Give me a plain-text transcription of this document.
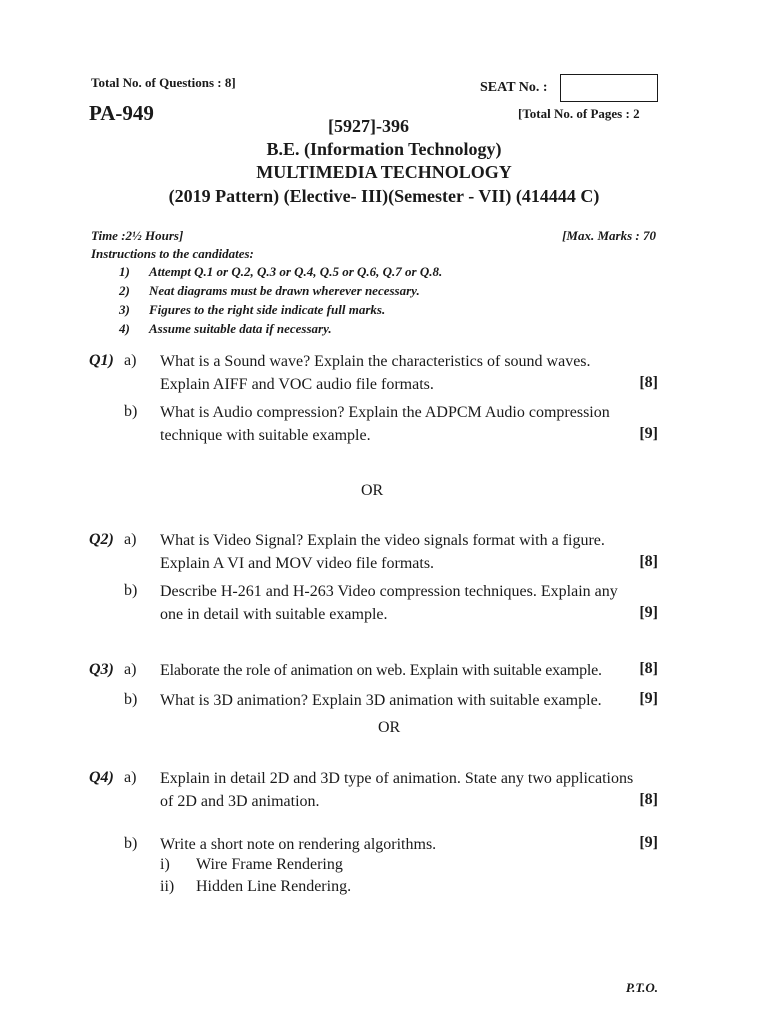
Total No. of Questions : 8]	SEAT No. :
PA-949	[Total No. of Pages : 2
[5927]-396
B.E. (Information Technology)
MULTIMEDIA TECHNOLOGY
(2019 Pattern) (Elective- III)(Semester - VII) (414444 C)
Time :2½ Hours]	[Max. Marks : 70
Instructions to the candidates:
1) Attempt Q.1 or Q.2, Q.3 or Q.4, Q.5 or Q.6, Q.7 or Q.8.
2) Neat diagrams must be drawn wherever necessary.
3) Figures to the right side indicate full marks.
4) Assume suitable data if necessary.
Q1) a) What is a Sound wave? Explain the characteristics of sound waves.
Explain AIFF and VOC audio file formats.	[8]
b) What is Audio compression? Explain the ADPCM Audio compression
technique with suitable example.	[9]
OR
Q2) a) What is Video Signal? Explain the video signals format with a figure.
Explain A VI and MOV video file formats.	[8]
b) Describe H-261 and H-263 Video compression techniques. Explain any
one in detail with suitable example.	[9]
Q3) a) Elaborate the role of animation on web. Explain with suitable example. [8]
b) What is 3D animation? Explain 3D animation with suitable example. [9]
OR
Q4) a) Explain in detail 2D and 3D type of animation. State any two applications
of 2D and 3D animation.	[8]
b) Write a short note on rendering algorithms.	[9]
i) Wire Frame Rendering
ii) Hidden Line Rendering.
P.T.O.
